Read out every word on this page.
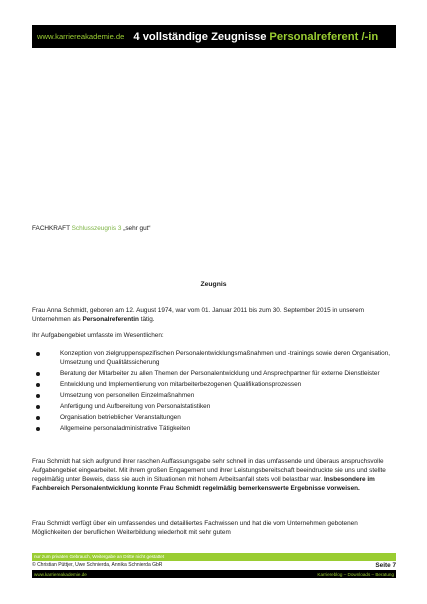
www.karriereakademie.de 4 vollständige Zeugnisse Personalreferent /-in
FACHKRAFT Schlusszeugnis 3 „sehr gut“
Zeugnis
Frau Anna Schmidt, geboren am 12. August 1974, war vom 01. Januar 2011 bis zum 30. September 2015 in unserem Unternehmen als Personalreferentin tätig.
Ihr Aufgabengebiet umfasste im Wesentlichen:
Konzeption von zielgruppenspezifischen Personalentwicklungsmaßnahmen und -trainings sowie deren Organisation, Umsetzung und Qualitätssicherung
Beratung der Mitarbeiter zu allen Themen der Personalentwicklung und Ansprechpartner für externe Dienstleister
Entwicklung und Implementierung von mitarbeiterbezogenen Qualifikationsprozessen
Umsetzung von personellen Einzelmaßnahmen
Anfertigung und Aufbereitung von Personalstatistiken
Organisation betrieblicher Veranstaltungen
Allgemeine personaladministrative Tätigkeiten
Frau Schmidt hat sich aufgrund ihrer raschen Auffassungsgabe sehr schnell in das umfassende und überaus anspruchsvolle Aufgabengebiet eingearbeitet. Mit ihrem großen Engagement und ihrer Leistungsbereitschaft beeindruckte sie uns und stellte regelmäßig unter Beweis, dass sie auch in Situationen mit hohem Arbeitsanfall stets voll belastbar war. Insbesondere im Fachbereich Personalentwicklung konnte Frau Schmidt regelmäßig bemerkenswerte Ergebnisse vorweisen.
Frau Schmidt verfügt über ein umfassendes und detailliertes Fachwissen und hat die vom Unternehmen gebotenen Möglichkeiten der beruflichen Weiterbildung wiederholt mit sehr gutem
nur zum privaten Gebrauch, Weitergabe an Dritte nicht gestattet
© Christian Püttjer, Uwe Schnierda, Annika Schnierda GbR	Seite 7
www.karriereakademie.de	Karriereblog – Downloads – Beratung
